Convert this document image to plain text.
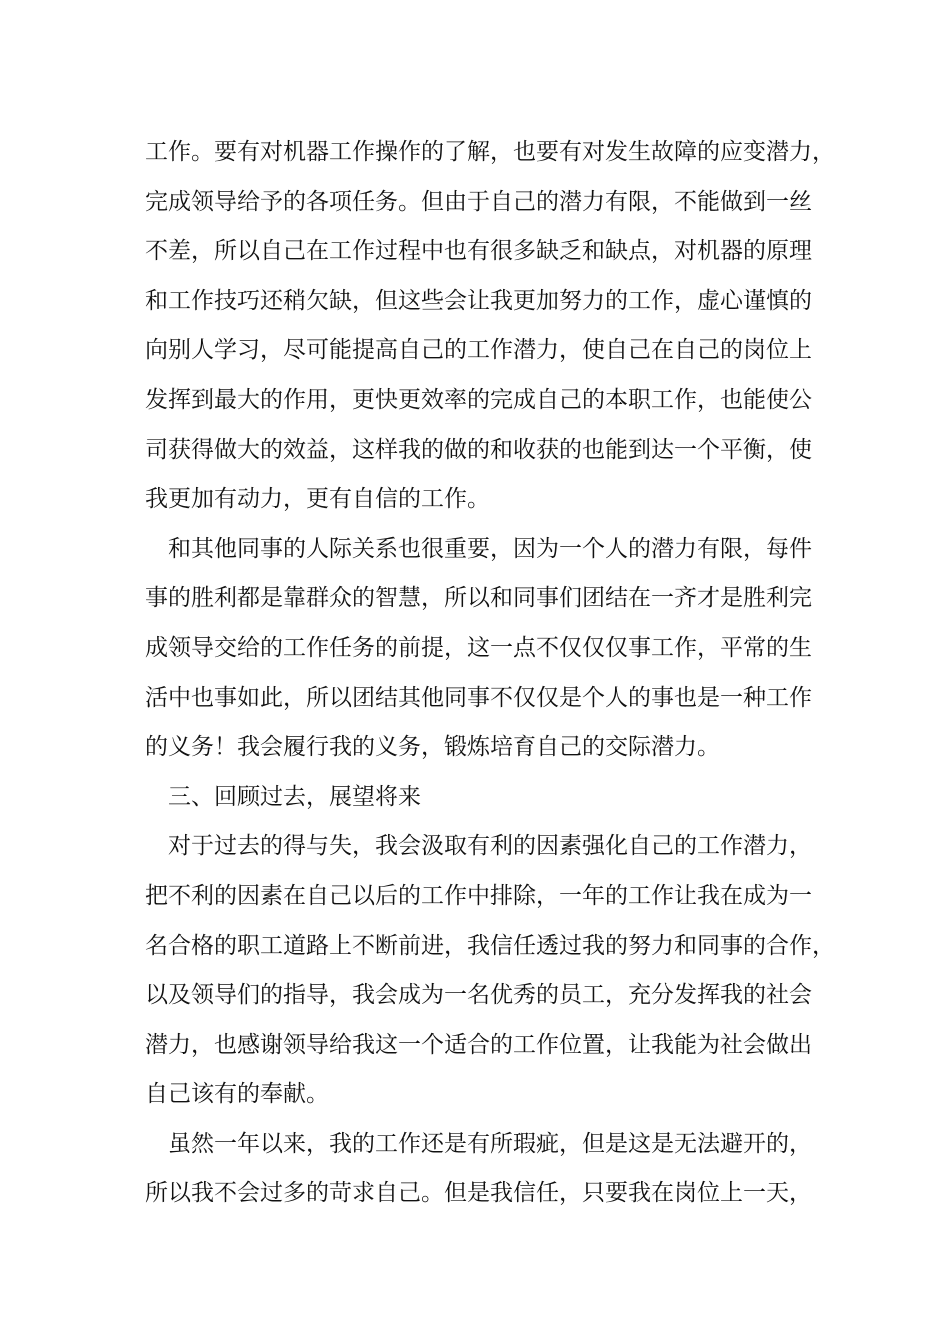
工作。要有对机器工作操作的了解，也要有对发生故障的应变潜力，
完成领导给予的各项任务。但由于自己的潜力有限，不能做到一丝
不差，所以自己在工作过程中也有很多缺乏和缺点，对机器的原理
和工作技巧还稍欠缺，但这些会让我更加努力的工作，虚心谨慎的
向别人学习，尽可能提高自己的工作潜力，使自己在自己的岗位上
发挥到最大的作用，更快更效率的完成自己的本职工作，也能使公
司获得做大的效益，这样我的做的和收获的也能到达一个平衡，使
我更加有动力，更有自信的工作。
和其他同事的人际关系也很重要，因为一个人的潜力有限，每件
事的胜利都是靠群众的智慧，所以和同事们团结在一齐才是胜利完
成领导交给的工作任务的前提，这一点不仅仅仅事工作，平常的生
活中也事如此，所以团结其他同事不仅仅是个人的事也是一种工作
的义务！我会履行我的义务，锻炼培育自己的交际潜力。
三、回顾过去，展望将来
对于过去的得与失，我会汲取有利的因素强化自己的工作潜力，
把不利的因素在自己以后的工作中排除，一年的工作让我在成为一
名合格的职工道路上不断前进，我信任透过我的努力和同事的合作，
以及领导们的指导，我会成为一名优秀的员工，充分发挥我的社会
潜力，也感谢领导给我这一个适合的工作位置，让我能为社会做出
自己该有的奉献。
虽然一年以来，我的工作还是有所瑕疵，但是这是无法避开的，
所以我不会过多的苛求自己。但是我信任，只要我在岗位上一天，
